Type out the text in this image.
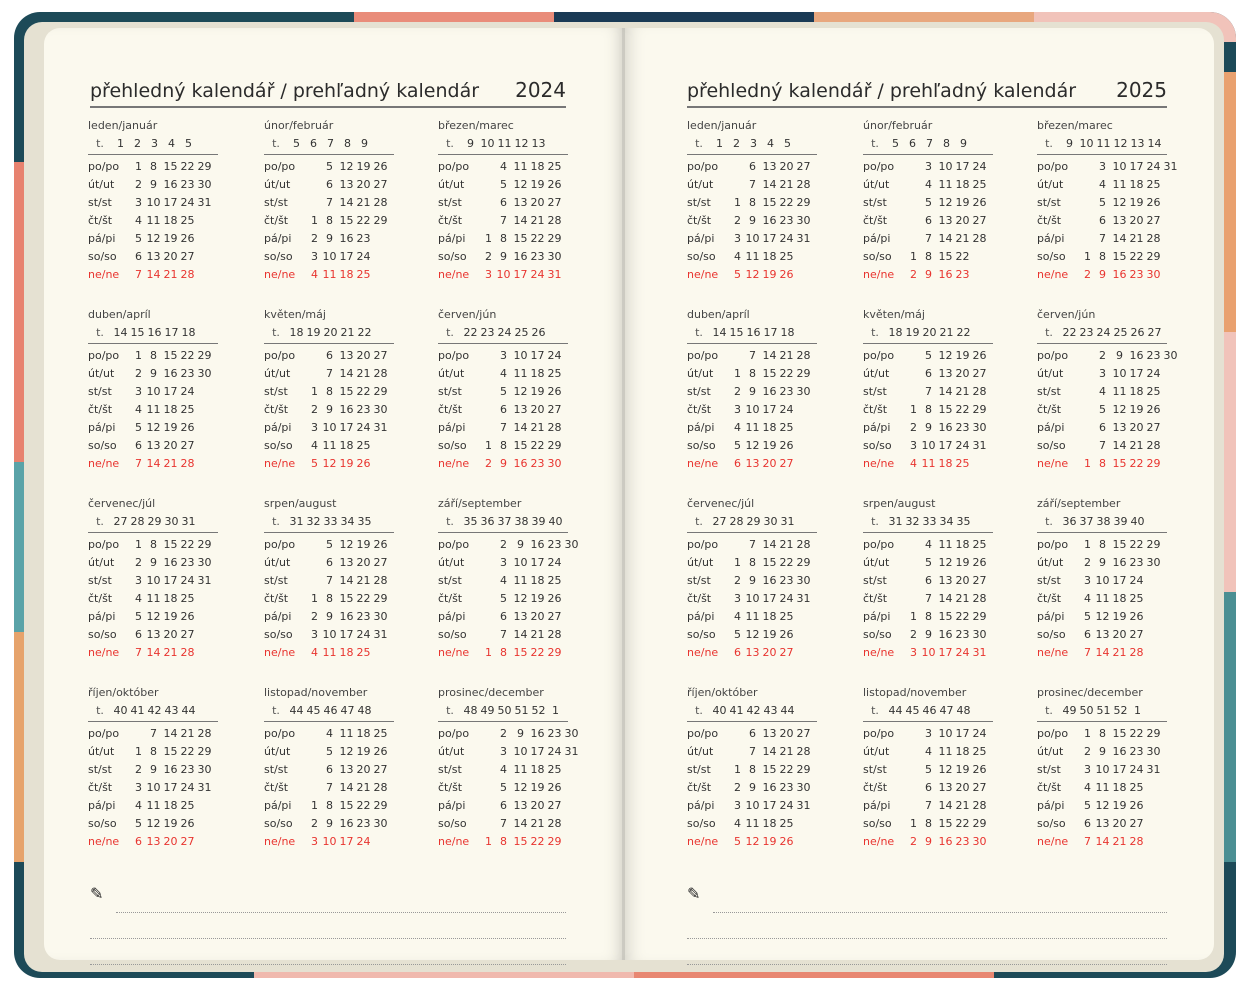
přehledný kalendář / prehľadný kalendár 2024
leden/január
t.	1 2 3 4 5
po/po	1 8 15 22 29
út/ut	2 9 16 23 30
st/st	3 10 17 24 31
čt/št	4 11 18 25
pá/pi	5 12 19 26
so/so	6 13 20 27
ne/ne	7 14 21 28
únor/február
t.	5 6 7 8 9
po/po	5 12 19 26
út/ut	6 13 20 27
st/st	7 14 21 28
čt/št	1 8 15 22 29
pá/pi	2 9 16 23
so/so	3 10 17 24
ne/ne	4 11 18 25
březen/marec
t.	9 10 11 12 13
po/po	4 11 18 25
út/ut	5 12 19 26
st/st	6 13 20 27
čt/št	7 14 21 28
pá/pi	1 8 15 22 29
so/so	2 9 16 23 30
ne/ne	3 10 17 24 31
duben/apríl
t. 14 15 16 17 18
po/po	1 8 15 22 29
út/ut	2 9 16 23 30
st/st	3 10 17 24
čt/št	4 11 18 25
pá/pi	5 12 19 26
so/so	6 13 20 27
ne/ne	7 14 21 28
květen/máj
t. 18 19 20 21 22
po/po	6 13 20 27
út/ut	7 14 21 28
st/st	1 8 15 22 29
čt/št	2 9 16 23 30
pá/pi	3 10 17 24 31
so/so	4 11 18 25
ne/ne	5 12 19 26
červen/jún
t. 22 23 24 25 26
po/po	3 10 17 24
út/ut	4 11 18 25
st/st	5 12 19 26
čt/št	6 13 20 27
pá/pi	7 14 21 28
so/so	1 8 15 22 29
ne/ne	2 9 16 23 30
červenec/júl
t. 27 28 29 30 31
po/po	1 8 15 22 29
út/ut	2 9 16 23 30
st/st	3 10 17 24 31
čt/št	4 11 18 25
pá/pi	5 12 19 26
so/so	6 13 20 27
ne/ne	7 14 21 28
srpen/august
t. 31 32 33 34 35
po/po	5 12 19 26
út/ut	6 13 20 27
st/st	7 14 21 28
čt/št	1 8 15 22 29
pá/pi	2 9 16 23 30
so/so	3 10 17 24 31
ne/ne	4 11 18 25
září/september
t. 35 36 37 38 39 40
po/po	2 9 16 23 30
út/ut	3 10 17 24
st/st	4 11 18 25
čt/št	5 12 19 26
pá/pi	6 13 20 27
so/so	7 14 21 28
ne/ne	1 8 15 22 29
říjen/október
t. 40 41 42 43 44
po/po	7 14 21 28
út/ut	1 8 15 22 29
st/st	2 9 16 23 30
čt/št	3 10 17 24 31
pá/pi	4 11 18 25
so/so	5 12 19 26
ne/ne	6 13 20 27
listopad/november
t. 44 45 46 47 48
po/po	4 11 18 25
út/ut	5 12 19 26
st/st	6 13 20 27
čt/št	7 14 21 28
pá/pi	1 8 15 22 29
so/so	2 9 16 23 30
ne/ne	3 10 17 24
prosinec/december
t. 48 49 50 51 52 1
po/po	2 9 16 23 30
út/ut	3 10 17 24 31
st/st	4 11 18 25
čt/št	5 12 19 26
pá/pi	6 13 20 27
so/so	7 14 21 28
ne/ne	1 8 15 22 29
✎
přehledný kalendář / prehľadný kalendár 2025
leden/január
t.	1 2 3 4 5
po/po	6 13 20 27
út/ut	7 14 21 28
st/st	1 8 15 22 29
čt/št	2 9 16 23 30
pá/pi	3 10 17 24 31
so/so	4 11 18 25
ne/ne	5 12 19 26
únor/február
t.	5 6 7 8 9
po/po	3 10 17 24
út/ut	4 11 18 25
st/st	5 12 19 26
čt/št	6 13 20 27
pá/pi	7 14 21 28
so/so	1 8 15 22
ne/ne	2 9 16 23
březen/marec
t.	9 10 11 12 13 14
po/po	3 10 17 24 31
út/ut	4 11 18 25
st/st	5 12 19 26
čt/št	6 13 20 27
pá/pi	7 14 21 28
so/so	1 8 15 22 29
ne/ne	2 9 16 23 30
duben/apríl
t. 14 15 16 17 18
po/po	7 14 21 28
út/ut	1 8 15 22 29
st/st	2 9 16 23 30
čt/št	3 10 17 24
pá/pi	4 11 18 25
so/so	5 12 19 26
ne/ne	6 13 20 27
květen/máj
t. 18 19 20 21 22
po/po	5 12 19 26
út/ut	6 13 20 27
st/st	7 14 21 28
čt/št	1 8 15 22 29
pá/pi	2 9 16 23 30
so/so	3 10 17 24 31
ne/ne	4 11 18 25
červen/jún
t. 22 23 24 25 26 27
po/po	2 9 16 23 30
út/ut	3 10 17 24
st/st	4 11 18 25
čt/št	5 12 19 26
pá/pi	6 13 20 27
so/so	7 14 21 28
ne/ne	1 8 15 22 29
červenec/júl
t. 27 28 29 30 31
po/po	7 14 21 28
út/ut	1 8 15 22 29
st/st	2 9 16 23 30
čt/št	3 10 17 24 31
pá/pi	4 11 18 25
so/so	5 12 19 26
ne/ne	6 13 20 27
srpen/august
t. 31 32 33 34 35
po/po	4 11 18 25
út/ut	5 12 19 26
st/st	6 13 20 27
čt/št	7 14 21 28
pá/pi	1 8 15 22 29
so/so	2 9 16 23 30
ne/ne	3 10 17 24 31
září/september
t. 36 37 38 39 40
po/po	1 8 15 22 29
út/ut	2 9 16 23 30
st/st	3 10 17 24
čt/št	4 11 18 25
pá/pi	5 12 19 26
so/so	6 13 20 27
ne/ne	7 14 21 28
říjen/október
t. 40 41 42 43 44
po/po	6 13 20 27
út/ut	7 14 21 28
st/st	1 8 15 22 29
čt/št	2 9 16 23 30
pá/pi	3 10 17 24 31
so/so	4 11 18 25
ne/ne	5 12 19 26
listopad/november
t. 44 45 46 47 48
po/po	3 10 17 24
út/ut	4 11 18 25
st/st	5 12 19 26
čt/št	6 13 20 27
pá/pi	7 14 21 28
so/so	1 8 15 22 29
ne/ne	2 9 16 23 30
prosinec/december
t. 49 50 51 52 1
po/po	1 8 15 22 29
út/ut	2 9 16 23 30
st/st	3 10 17 24 31
čt/št	4 11 18 25
pá/pi	5 12 19 26
so/so	6 13 20 27
ne/ne	7 14 21 28
✎
